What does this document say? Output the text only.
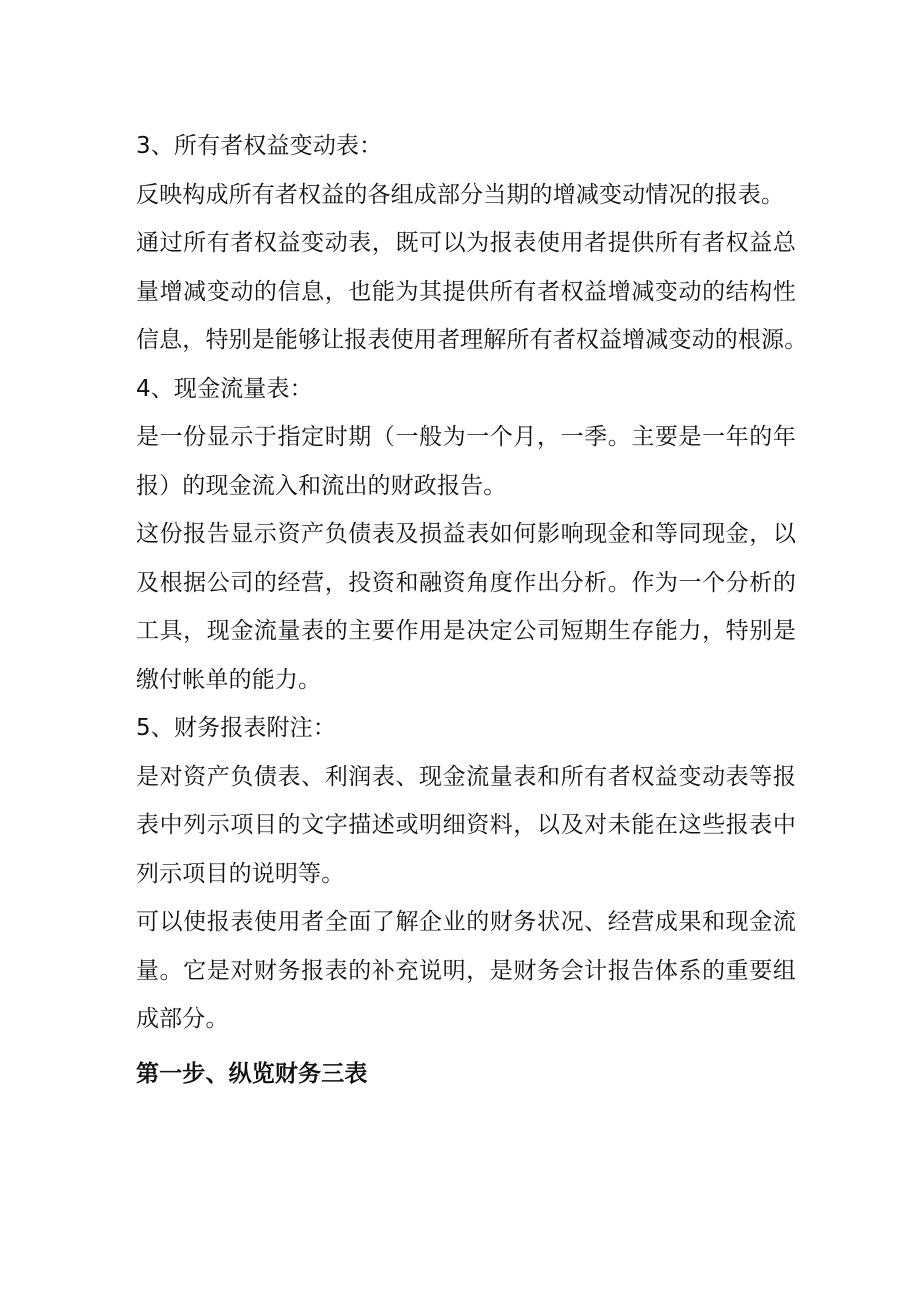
3、所有者权益变动表：
反映构成所有者权益的各组成部分当期的增减变动情况的报表。
通过所有者权益变动表，既可以为报表使用者提供所有者权益总
量增减变动的信息，也能为其提供所有者权益增减变动的结构性
信息，特别是能够让报表使用者理解所有者权益增减变动的根源。
4、现金流量表：
是一份显示于指定时期（一般为一个月，一季。主要是一年的年
报）的现金流入和流出的财政报告。
这份报告显示资产负债表及损益表如何影响现金和等同现金，以
及根据公司的经营，投资和融资角度作出分析。作为一个分析的
工具，现金流量表的主要作用是决定公司短期生存能力，特别是
缴付帐单的能力。
5、财务报表附注：
是对资产负债表、利润表、现金流量表和所有者权益变动表等报
表中列示项目的文字描述或明细资料，以及对未能在这些报表中
列示项目的说明等。
可以使报表使用者全面了解企业的财务状况、经营成果和现金流
量。它是对财务报表的补充说明，是财务会计报告体系的重要组
成部分。
第一步、纵览财务三表
